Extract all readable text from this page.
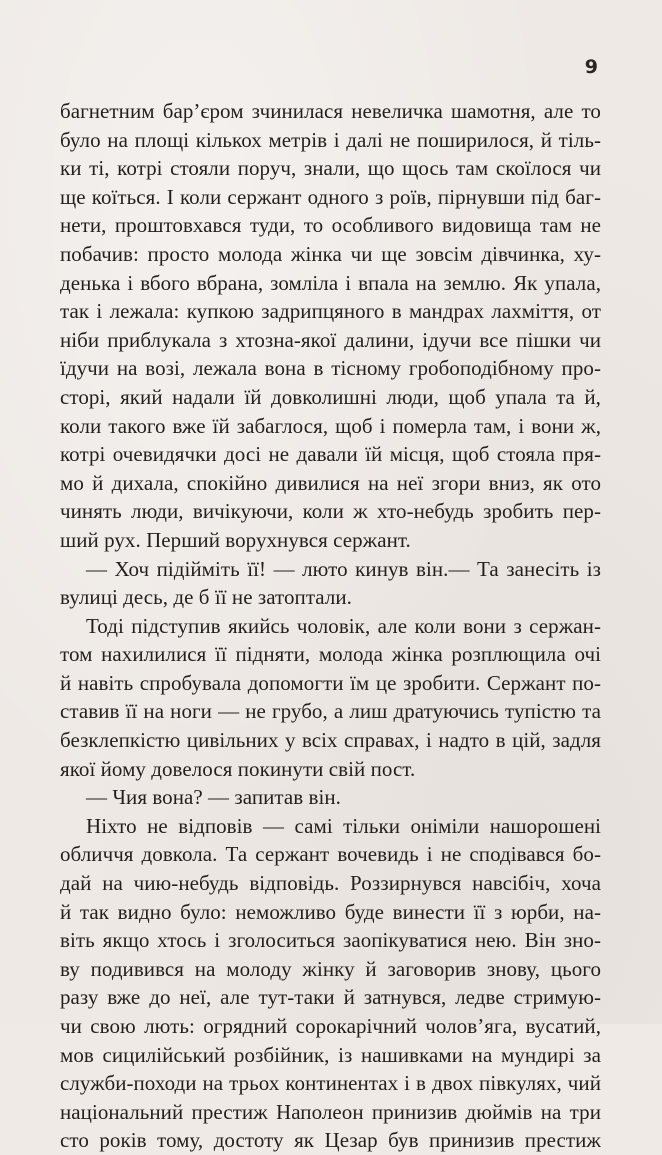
9
багнетним бар’єром зчинилася невеличка шамотня, але то
було на площі кількох метрів і далі не поширилося, й тіль-
ки ті, котрі стояли поруч, знали, що щось там скоїлося чи
ще коїться. І коли сержант одного з роїв, пірнувши під баг-
нети, проштовхався туди, то особливого видовища там не
побачив: просто молода жінка чи ще зовсім дівчинка, ху-
денька і вбого вбрана, зомліла і впала на землю. Як упала,
так і лежала: купкою задрипцяного в мандрах лахміття, от
ніби приблукала з хтозна-якої далини, ідучи все пішки чи
їдучи на возі, лежала вона в тісному гробоподібному про-
сторі, який надали їй довколишні люди, щоб упала та й,
коли такого вже їй забаглося, щоб і померла там, і вони ж,
котрі очевидячки досі не давали їй місця, щоб стояла пря-
мо й дихала, спокійно дивилися на неї згори вниз, як ото
чинять люди, вичікуючи, коли ж хто-небудь зробить пер-
ший рух. Перший ворухнувся сержант.
— Хоч підійміть її! — люто кинув він.— Та занесіть із
вулиці десь, де б її не затоптали.
Тоді підступив якийсь чоловік, але коли вони з сержан-
том нахилилися її підняти, молода жінка розплющила очі
й навіть спробувала допомогти їм це зробити. Сержант по-
ставив її на ноги — не грубо, а лиш дратуючись тупістю та
безклепкістю цивільних у всіх справах, і надто в цій, задля
якої йому довелося покинути свій пост.
— Чия вона? — запитав він.
Ніхто не відповів — самі тільки оніміли нашорошені
обличчя довкола. Та сержант вочевидь і не сподівався бо-
дай на чию-небудь відповідь. Роззирнувся навсібіч, хоча
й так видно було: неможливо буде винести її з юрби, на-
віть якщо хтось і зголоситься заопікуватися нею. Він зно-
ву подивився на молоду жінку й заговорив знову, цього
разу вже до неї, але тут-таки й затнувся, ледве стримую-
чи свою лють: огрядний сорокарічний чолов’яга, вусатий,
мов сицилійський розбійник, із нашивками на мундирі за
служби-походи на трьох континентах і в двох півкулях, чий
національний престиж Наполеон принизив дюймів на три
сто років тому, достоту як Цезар був принизив престиж
